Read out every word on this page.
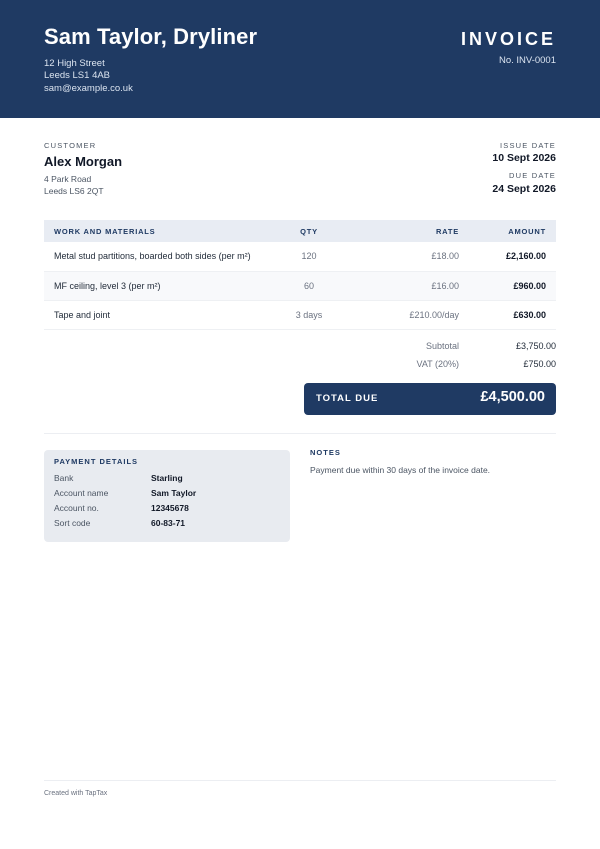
Sam Taylor, Dryliner
12 High Street
Leeds LS1 4AB
sam@example.co.uk
INVOICE
No. INV-0001
CUSTOMER
Alex Morgan
4 Park Road
Leeds LS6 2QT
ISSUE DATE
10 Sept 2026
DUE DATE
24 Sept 2026
WORK AND MATERIALS	QTY	RATE	AMOUNT
Metal stud partitions, boarded both sides (per m²)	120	£18.00	£2,160.00
MF ceiling, level 3 (per m²)	60	£16.00	£960.00
Tape and joint	3 days	£210.00/day	£630.00
Subtotal	£3,750.00
VAT (20%)	£750.00
TOTAL DUE	£4,500.00
PAYMENT DETAILS
Bank	Starling
Account name	Sam Taylor
Account no.	12345678
Sort code	60-83-71
NOTES
Payment due within 30 days of the invoice date.
Created with TapTax
